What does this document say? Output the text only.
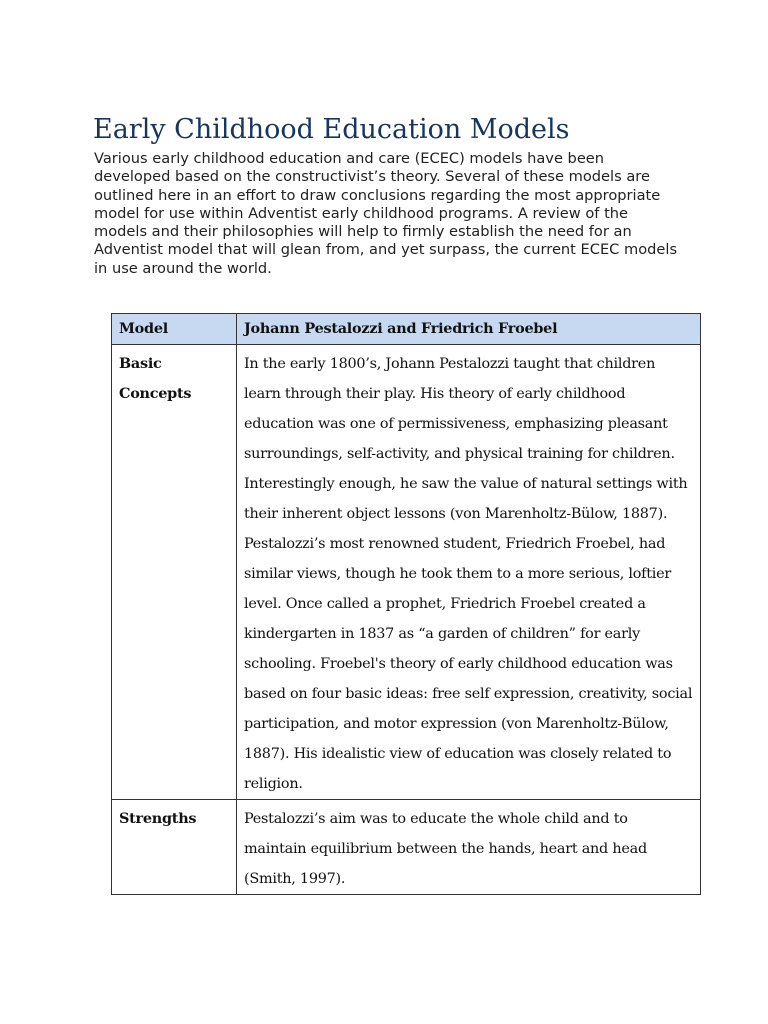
Early Childhood Education Models

Various early childhood education and care (ECEC) models have been developed based on the constructivist’s theory. Several of these models are outlined here in an effort to draw conclusions regarding the most appropriate model for use within Adventist early childhood programs. A review of the models and their philosophies will help to firmly establish the need for an Adventist model that will glean from, and yet surpass, the current ECEC models in use around the world.

Model	Johann Pestalozzi and Friedrich Froebel
Basic Concepts	In the early 1800’s, Johann Pestalozzi taught that children learn through their play. His theory of early childhood education was one of permissiveness, emphasizing pleasant surroundings, self-activity, and physical training for children. Interestingly enough, he saw the value of natural settings with their inherent object lessons (von Marenholtz-Bülow, 1887).

Pestalozzi’s most renowned student, Friedrich Froebel, had similar views, though he took them to a more serious, loftier level. Once called a prophet, Friedrich Froebel created a kindergarten in 1837 as “a garden of children” for early schooling. Froebel's theory of early childhood education was based on four basic ideas: free self expression, creativity, social participation, and motor expression (von Marenholtz-Bülow, 1887). His idealistic view of education was closely related to religion.

Strengths	Pestalozzi’s aim was to educate the whole child and to maintain equilibrium between the hands, heart and head (Smith, 1997).
